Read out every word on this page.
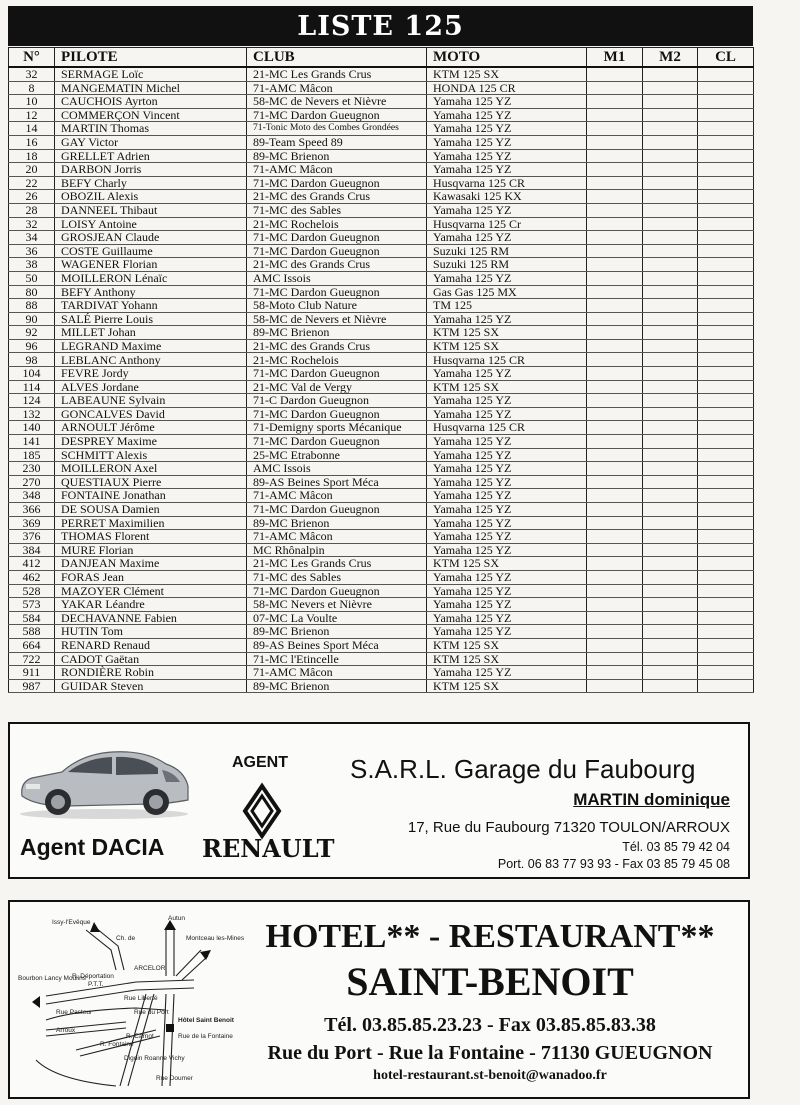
LISTE 125
N°	PILOTE	CLUB	MOTO	M1	M2	CL
32	SERMAGE Loïc	21-MC Les Grands Crus	KTM 125 SX			
8	MANGEMATIN Michel	71-AMC Mâcon	HONDA 125 CR			
10	CAUCHOIS Ayrton	58-MC de Nevers et Nièvre	Yamaha 125 YZ			
12	COMMERÇON Vincent	71-MC Dardon Gueugnon	Yamaha 125 YZ			
14	MARTIN Thomas	71-Tonic Moto des Combes Grondées	Yamaha 125 YZ			
16	GAY Victor	89-Team Speed 89	Yamaha 125 YZ			
18	GRELLET Adrien	89-MC Brienon	Yamaha 125 YZ			
20	DARBON Jorris	71-AMC Mâcon	Yamaha 125 YZ			
22	BEFY Charly	71-MC Dardon Gueugnon	Husqvarna 125 CR			
26	OBOZIL Alexis	21-MC des Grands Crus	Kawasaki 125 KX			
28	DANNEEL Thibaut	71-MC des Sables	Yamaha 125 YZ			
32	LOISY Antoine	21-MC Rochelois	Husqvarna 125 Cr			
34	GROSJEAN Claude	71-MC Dardon Gueugnon	Yamaha 125 YZ			
36	COSTE Guillaume	71-MC Dardon Gueugnon	Suzuki 125 RM			
38	WAGENER Florian	21-MC des Grands Crus	Suzuki 125 RM			
50	MOILLERON Lénaïc	AMC Issois	Yamaha 125 YZ			
80	BEFY Anthony	71-MC Dardon Gueugnon	Gas Gas 125 MX			
88	TARDIVAT Yohann	58-Moto Club Nature	TM 125			
90	SALÉ Pierre Louis	58-MC de Nevers et Nièvre	Yamaha 125 YZ			
92	MILLET Johan	89-MC Brienon	KTM 125 SX			
96	LEGRAND Maxime	21-MC des Grands Crus	KTM 125 SX			
98	LEBLANC Anthony	21-MC Rochelois	Husqvarna 125 CR			
104	FEVRE Jordy	71-MC Dardon Gueugnon	Yamaha 125 YZ			
114	ALVES Jordane	21-MC Val de Vergy	KTM 125 SX			
124	LABEAUNE Sylvain	71-C Dardon Gueugnon	Yamaha 125 YZ			
132	GONCALVES David	71-MC Dardon Gueugnon	Yamaha 125 YZ			
140	ARNOULT Jérôme	71-Demigny sports Mécanique	Husqvarna 125 CR			
141	DESPREY Maxime	71-MC Dardon Gueugnon	Yamaha 125 YZ			
185	SCHMITT Alexis	25-MC Etrabonne	Yamaha 125 YZ			
230	MOILLERON Axel	AMC Issois	Yamaha 125 YZ			
270	QUESTIAUX Pierre	89-AS Beines Sport Méca	Yamaha 125 YZ			
348	FONTAINE Jonathan	71-AMC Mâcon	Yamaha 125 YZ			
366	DE SOUSA Damien	71-MC Dardon Gueugnon	Yamaha 125 YZ			
369	PERRET Maximilien	89-MC Brienon	Yamaha 125 YZ			
376	THOMAS Florent	71-AMC Mâcon	Yamaha 125 YZ			
384	MURE Florian	MC Rhônalpin	Yamaha 125 YZ			
412	DANJEAN Maxime	21-MC Les Grands Crus	KTM 125 SX			
462	FORAS Jean	71-MC des Sables	Yamaha 125 YZ			
528	MAZOYER Clément	71-MC Dardon Gueugnon	Yamaha 125 YZ			
573	YAKAR Léandre	58-MC Nevers et Nièvre	Yamaha 125 YZ			
584	DECHAVANNE Fabien	07-MC La Voulte	Yamaha 125 YZ			
588	HUTIN Tom	89-MC Brienon	Yamaha 125 YZ			
664	RENARD Renaud	89-AS Beines Sport Méca	KTM 125 SX			
722	CADOT Gaëtan	71-MC l'Etincelle	KTM 125 SX			
911	RONDIÈRE Robin	71-AMC Mâcon	Yamaha 125 YZ			
987	GUIDAR Steven	89-MC Brienon	KTM 125 SX			
Agent DACIA
AGENT
RENAULT
S.A.R.L. Garage du Faubourg
MARTIN dominique
17, Rue du Faubourg 71320 TOULON/ARROUX
Tél. 03 85 79 42 04
Port. 06 83 77 93 93 - Fax 03 85 79 45 08
Issy-l'Evêque
Autun
Montceau les-Mines
Bourbon Lancy Moulins
Digoin Roanne Vichy
Hôtel Saint Benoit
Rue de la Fontaine
ARCELOR
P.T.T.
R. Déportation
Rue Liberté
Rue Pasteur	Rue du Port
Arroux
R. Carnot
R. Fontaine
Rue Doumer
Ch. de	HOTEL** - RESTAURANT**
SAINT-BENOIT
Tél. 03.85.85.23.23 - Fax 03.85.85.83.38
Rue du Port - Rue la Fontaine - 71130 GUEUGNON
hotel-restaurant.st-benoit@wanadoo.fr
